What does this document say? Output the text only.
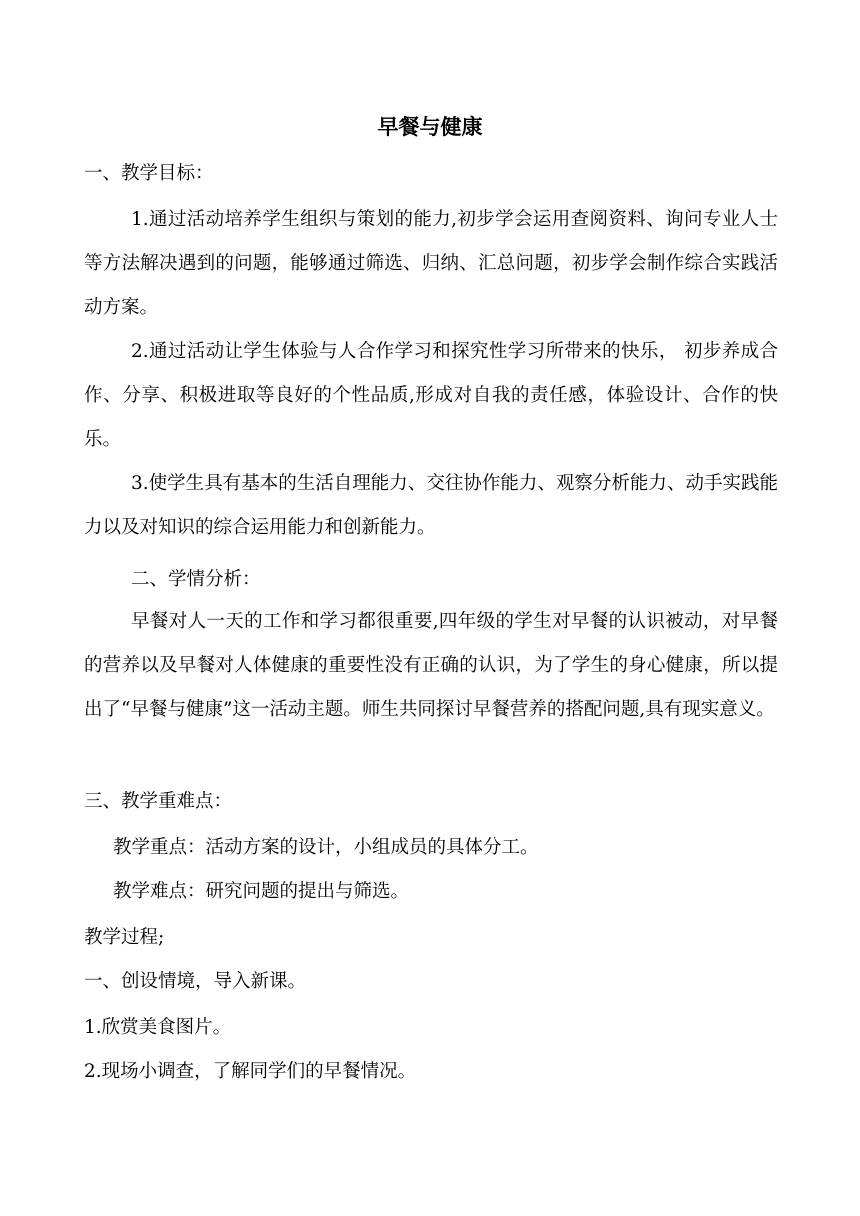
早餐与健康
一、教学目标：
1.通过活动培养学生组织与策划的能力,初步学会运用查阅资料、询问专业人士等方法解决遇到的问题，能够通过筛选、归纳、汇总问题，初步学会制作综合实践活动方案。
2.通过活动让学生体验与人合作学习和探究性学习所带来的快乐， 初步养成合作、分享、积极进取等良好的个性品质,形成对自我的责任感，体验设计、合作的快乐。
3.使学生具有基本的生活自理能力、交往协作能力、观察分析能力、动手实践能力以及对知识的综合运用能力和创新能力。
二、学情分析：
早餐对人一天的工作和学习都很重要,四年级的学生对早餐的认识被动，对早餐的营养以及早餐对人体健康的重要性没有正确的认识，为了学生的身心健康，所以提出了“早餐与健康”这一活动主题。师生共同探讨早餐营养的搭配问题,具有现实意义。
三、教学重难点：
教学重点：活动方案的设计，小组成员的具体分工。
教学难点：研究问题的提出与筛选。
教学过程;
一、创设情境，导入新课。
1.欣赏美食图片。
2.现场小调查，了解同学们的早餐情况。
